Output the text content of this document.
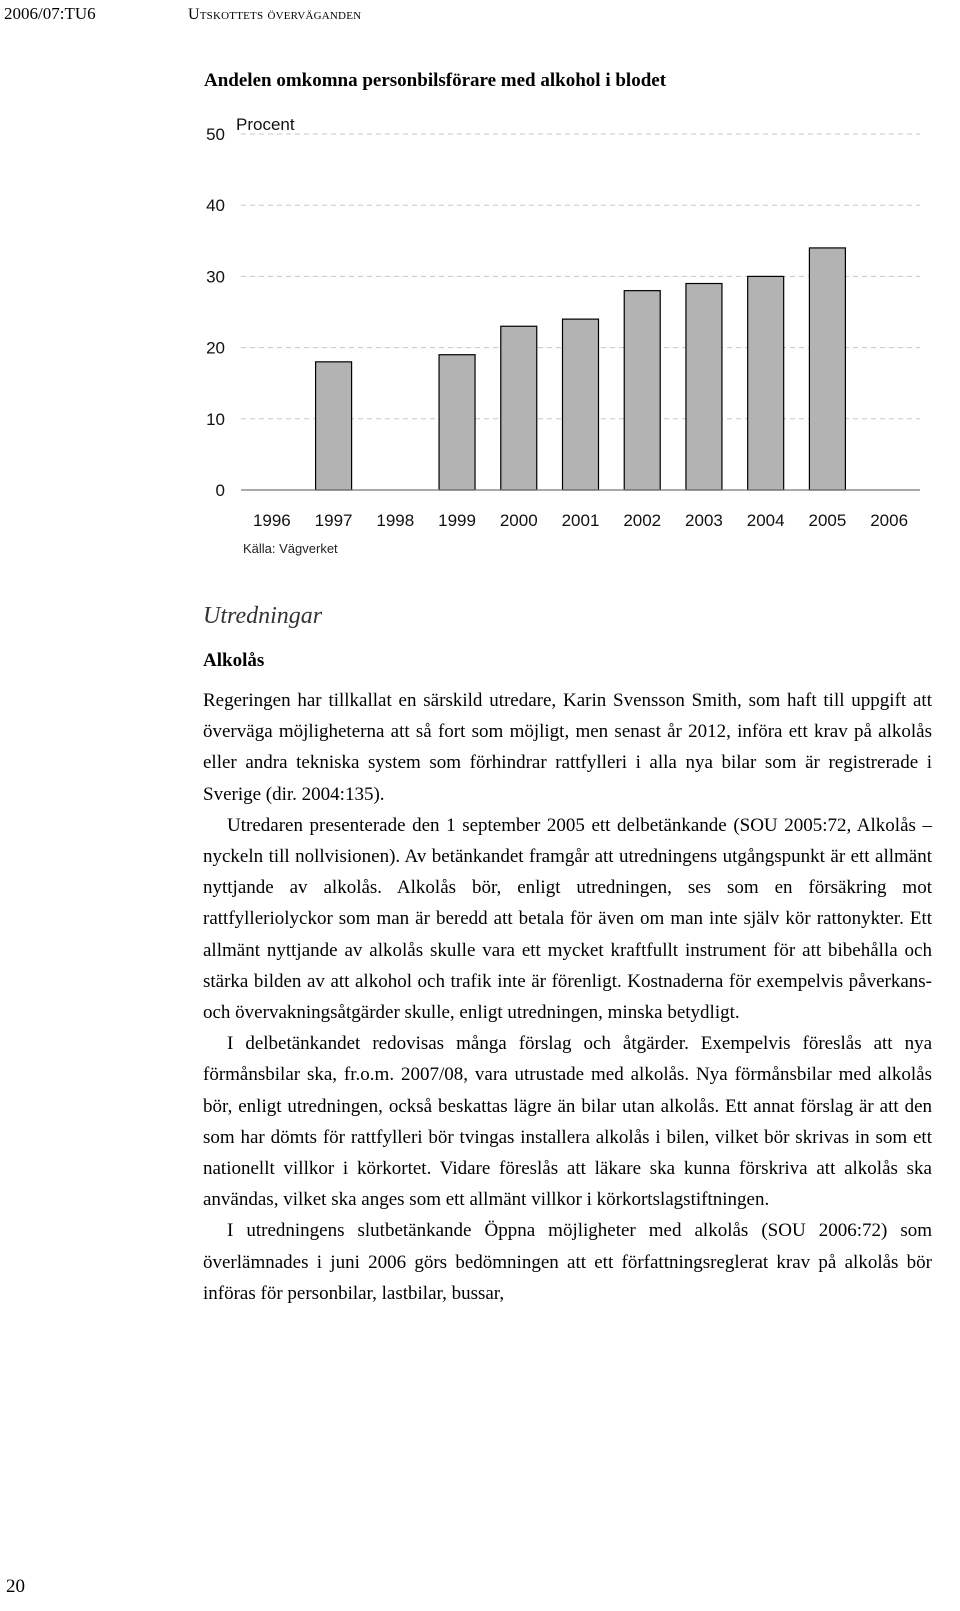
2006/07:TU6	Utskottets överväganden
Andelen omkomna personbilsförare med alkohol i blodet
0
10
20
30
40
50
1996 1997 1998 1999 2000 2001 2002 2003 2004 2005 2006
Procent
Källa: Vägverket
Utredningar
Alkolås

Regeringen har tillkallat en särskild utredare, Karin Svensson Smith, som haft till uppgift att överväga möjligheterna att så fort som möjligt, men senast år 2012, införa ett krav på alkolås eller andra tekniska system som förhindrar rattfylleri i alla nya bilar som är registrerade i Sverige (dir. 2004:135).

Utredaren presenterade den 1 september 2005 ett delbetänkande (SOU 2005:72, Alkolås – nyckeln till nollvisionen). Av betänkandet framgår att utredningens utgångspunkt är ett allmänt nyttjande av alkolås. Alkolås bör, enligt utredningen, ses som en försäkring mot rattfylleriolyckor som man är beredd att betala för även om man inte själv kör rattonykter. Ett allmänt nyttjande av alkolås skulle vara ett mycket kraftfullt instrument för att bibehålla och stärka bilden av att alkohol och trafik inte är förenligt. Kostnaderna för exempelvis påverkans- och övervakningsåtgärder skulle, enligt utredningen, minska betydligt.

I delbetänkandet redovisas många förslag och åtgärder. Exempelvis föreslås att nya förmånsbilar ska, fr.o.m. 2007/08, vara utrustade med alkolås. Nya förmånsbilar med alkolås bör, enligt utredningen, också beskattas lägre än bilar utan alkolås. Ett annat förslag är att den som har dömts för rattfylleri bör tvingas installera alkolås i bilen, vilket bör skrivas in som ett nationellt villkor i körkortet. Vidare föreslås att läkare ska kunna förskriva att alkolås ska användas, vilket ska anges som ett allmänt villkor i körkortslagstiftningen.

I utredningens slutbetänkande Öppna möjligheter med alkolås (SOU 2006:72) som överlämnades i juni 2006 görs bedömningen att ett författningsreglerat krav på alkolås bör införas för personbilar, lastbilar, bussar,

20
